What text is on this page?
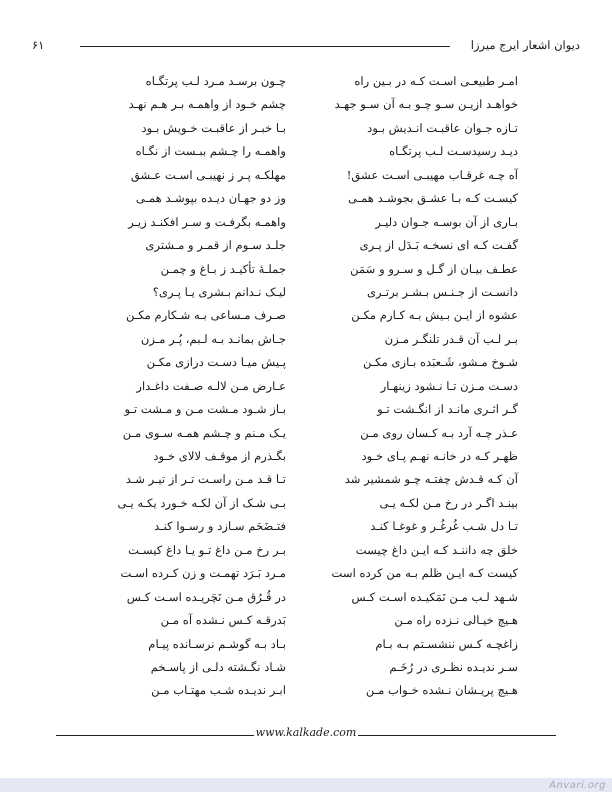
دیوان اشعار ایرج میرزا
۶۱
امـر طبیعـی اسـت کـه در بـین راه
خواهـد ازیـن سـو چـو بـه آن سـو جهـد
تـازه جـوان عاقبـت انـدیش بـود
دیـد رسیدسـت لـب پرتگـاه
آه چـه غرقـاب مهیبـی اسـت عشق!
کیسـت کـه بـا عشـق بجوشـد همـی
بـاری از آن بوسـه جـوان دلیـر
گفـت کـه ای نسخـه بَـدَل از پـری
عطـف بیـان از گـل و سـرو و سَمَن
دانسـت از جـنـس بـشـر برتـری
عشوه از ایـن بـیش بـه کـارم مکـن
بـر لـب آن قـدر تلنگـر مـزن
شـوخ مـشو، شَـعبَده بـازی مکـن
دسـت مـزن تـا نـشود زینهـار
گـر اثـری مانـد از انگـشت تـو
عـذر چـه آرد بـه کـسان روی مـن
ظهـر کـه در خانـه نهـم پـای خـود
آن کـه قـدش چفتـه چـو شمشیر شد
بینـد اگـر در رخ مـن لکـه یـی
تـا دل شـب غُرغُـر و غوغـا کنـد
خلق چه داننـد کـه ایـن داغ چیست
کیست کـه ایـن ظلم بـه من کرده است
شـهد لـب مـن نَمَکیـده اسـت کـس
هـیچ خیـالی نـزده راه مـن
زاغچـه کـس ننشسـتم بـه بـام
سـر ندیـده نظـری در رُخَـم
هـیچ پریـشان نـشده خـواب مـن
چـون برسـد مـرد لـب پرتگـاه
چشم خـود از واهمـه بـر هـم نهـد
بـا خبـر از عاقبـت خـویش بـود
واهمـه را چـشم ببـست از نگـاه
مهلکـه پـر ز نهیبـی اسـت عـشق
وز دو جهـان دیـده بپوشـد همـی
واهمـه بگرفـت و سـر افکنـد زیـر
جلـد سـوم از قمـر و مـشتری
جملـهٔ تأکیـد ز بـاغ و چمـن
لیـک نـدانم بـشری یـا پـری؟
صـرف مـساعی بـه شـکارم مکـن
جـاش بمانـد بـه لـبم، پُـر مـزن
پـیش میـا دسـت درازی مکـن
عـارض مـن لالـه صـفت داغـدار
بـاز شـود مـشت مـن و مـشت تـو
یـک مـنم و چـشم همـه سـوی مـن
بگـذرم از موقـف لالای خـود
تـا قـد مـن راسـت تـر از تیـر شـد
بـی شـک از آن لکـه خـورد یکـه یـی
فتـضَحَم سـازد و رسـوا کنـد
بـر رخ مـن داغ تـو یـا داغ کیسـت
مـرد بَـرَد تهمـت و زن کـرده اسـت
در قُـرُق مـن نَچَریـده اسـت کـس
بَدرقـه کـس نـشده آه مـن
بـاد بـه گوشـم نرسـانده پیـام
شـاد نگـشته دلـی از پاسـخم
ابـر ندیـده شـب مهتـاب مـن
www.kalkade.com
Anvari.org
